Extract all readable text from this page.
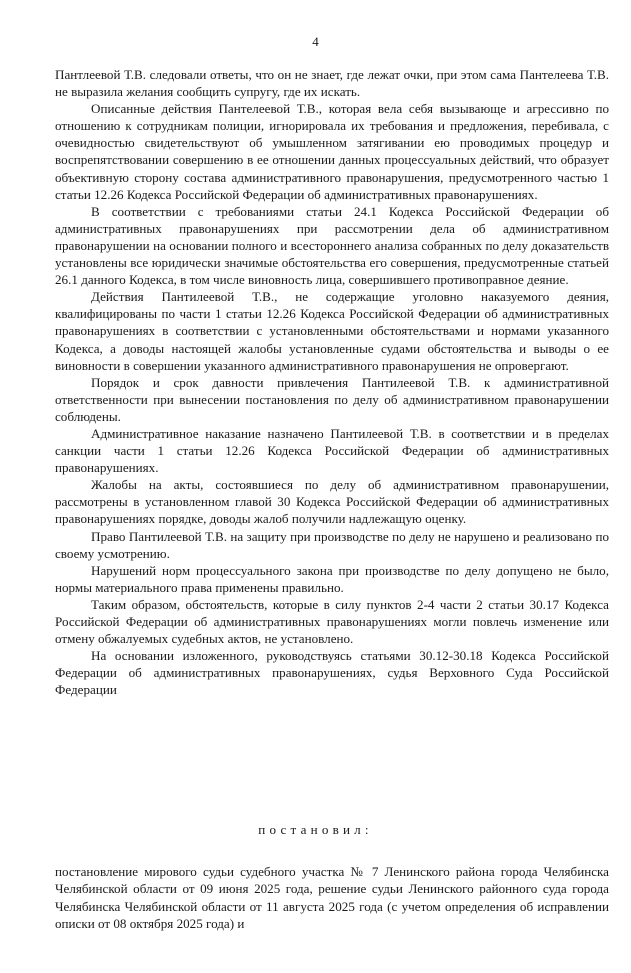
4

Пантлеевой Т.В. следовали ответы, что он не знает, где лежат очки, при этом сама Пантелеева Т.В. не выразила желания сообщить супругу, где их искать.

Описанные действия Пантелеевой Т.В., которая вела себя вызывающе и агрессивно по отношению к сотрудникам полиции, игнорировала их требования и предложения, перебивала, с очевидностью свидетельствуют об умышленном затягивании ею проводимых процедур и воспрепятствовании совершению в ее отношении данных процессуальных действий, что образует объективную сторону состава административного правонарушения, предусмотренного частью 1 статьи 12.26 Кодекса Российской Федерации об административных правонарушениях.

В соответствии с требованиями статьи 24.1 Кодекса Российской Федерации об административных правонарушениях при рассмотрении дела об административном правонарушении на основании полного и всестороннего анализа собранных по делу доказательств установлены все юридически значимые обстоятельства его совершения, предусмотренные статьей 26.1 данного Кодекса, в том числе виновность лица, совершившего противоправное деяние.

Действия Пантилеевой Т.В., не содержащие уголовно наказуемого деяния, квалифицированы по части 1 статьи 12.26 Кодекса Российской Федерации об административных правонарушениях в соответствии с установленными обстоятельствами и нормами указанного Кодекса, а доводы настоящей жалобы установленные судами обстоятельства и выводы о ее виновности в совершении указанного административного правонарушения не опровергают.

Порядок и срок давности привлечения Пантилеевой Т.В. к административной ответственности при вынесении постановления по делу об административном правонарушении соблюдены.

Административное наказание назначено Пантилеевой Т.В. в соответствии и в пределах санкции части 1 статьи 12.26 Кодекса Российской Федерации об административных правонарушениях.

Жалобы на акты, состоявшиеся по делу об административном правонарушении, рассмотрены в установленном главой 30 Кодекса Российской Федерации об административных правонарушениях порядке, доводы жалоб получили надлежащую оценку.

Право Пантилеевой Т.В. на защиту при производстве по делу не нарушено и реализовано по своему усмотрению.

Нарушений норм процессуального закона при производстве по делу допущено не было, нормы материального права применены правильно.

Таким образом, обстоятельств, которые в силу пунктов 2-4 части 2 статьи 30.17 Кодекса Российской Федерации об административных правонарушениях могли повлечь изменение или отмену обжалуемых судебных актов, не установлено.

На основании изложенного, руководствуясь статьями 30.12-30.18 Кодекса Российской Федерации об административных правонарушениях, судья Верховного Суда Российской Федерации

постановил:

постановление мирового судьи судебного участка № 7 Ленинского района города Челябинска Челябинской области от 09 июня 2025 года, решение судьи Ленинского районного суда города Челябинска Челябинской области от 11 августа 2025 года (с учетом определения об исправлении описки от 08 октября 2025 года) и
